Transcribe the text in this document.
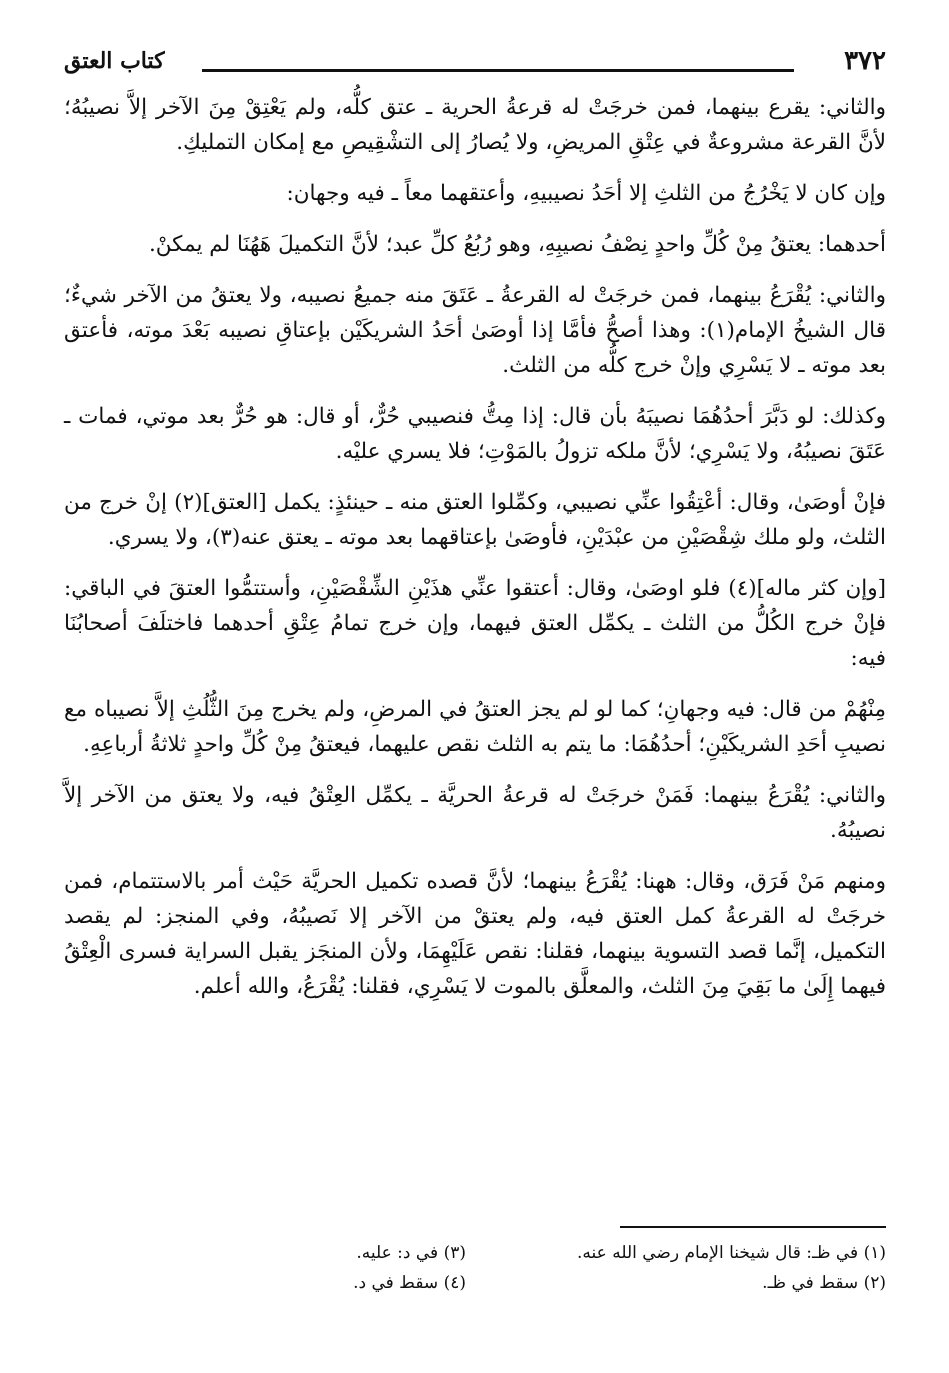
٣٧٢
كتاب العتق

والثاني: يقرع بينهما، فمن خرجَتْ له قرعةُ الحرية ـ عتق كلُّه، ولم يَعْتِقْ مِنَ الآخر إلاَّ نصيبُهُ؛ لأنَّ القرعة مشروعةٌ في عِتْقِ المريضِ، ولا يُصارُ إلى التشْقِيصِ مع إمكان التمليكِ.

وإن كان لا يَخْرُجُ من الثلثِ إلا أحَدُ نصيبيهِ، وأعتقهما معاً ـ فيه وجهان:

أحدهما: يعتقُ مِنْ كُلِّ واحدٍ نِصْفُ نصيبِهِ، وهو رُبُعُ كلِّ عبد؛ لأنَّ التكميلَ هَهُنَا لم يمكنْ.

والثاني: يُقْرَعُ بينهما، فمن خرجَتْ له القرعةُ ـ عَتَقَ منه جميعُ نصيبه، ولا يعتقُ من الآخر شيءٌ؛ قال الشيخُ الإمام(١): وهذا أصحُّ فأمَّا إذا أوصَىٰ أحَدُ الشريكَيْن بإعتاقِ نصيبه بَعْدَ موته، فأعتق بعد موته ـ لا يَسْرِي وإنْ خرج كلُّه من الثلث.

وكذلك: لو دَبَّرَ أحدُهُمَا نصيبَهُ بأن قال: إذا مِتُّ فنصيبي حُرٌّ، أو قال: هو حُرٌّ بعد موتي، فمات ـ عَتَقَ نصيبُهُ، ولا يَسْرِي؛ لأنَّ ملكه تزولُ بالمَوْتِ؛ فلا يسري عليْه.

فإنْ أوصَىٰ، وقال: أعْتِقُوا عنِّي نصيبي، وكمِّلوا العتق منه ـ حينئذٍ: يكمل [العتق](٢) إنْ خرج من الثلث، ولو ملك شِقْصَيْنِ من عبْدَيْنِ، فأوصَىٰ بإعتاقهما بعد موته ـ يعتق عنه(٣)، ولا يسري.

[وإن كثر ماله](٤) فلو اوصَىٰ، وقال: أعتقوا عنِّي هذَيْنِ الشِّقْصَيْنِ، وأستتمُّوا العتقَ في الباقي: فإنْ خرج الكُلُّ من الثلث ـ يكمِّل العتق فيهما، وإن خرج تمامُ عِتْقِ أحدهما فاختلَفَ أصحابُنَا فيه:

مِنْهُمْ من قال: فيه وجهانِ؛ كما لو لم يجز العتقُ في المرضِ، ولم يخرج مِنَ الثُّلُثِ إلاَّ نصيباه مع نصيبِ أحَدِ الشريكَيْنِ؛ أحدُهُمَا: ما يتم به الثلث نقص عليهما، فيعتقُ مِنْ كُلِّ واحدٍ ثلاثةُ أرباعِهِ.

والثاني: يُقْرَعُ بينهما: فَمَنْ خرجَتْ له قرعةُ الحريَّة ـ يكمِّل العِتْقُ فيه، ولا يعتق من الآخر إلاَّ نصيبُهُ.

ومنهم مَنْ فَرَق، وقال: ههنا: يُقْرَعُ بينهما؛ لأنَّ قصده تكميل الحريَّة حَيْث أمر بالاستتمام، فمن خرجَتْ له القرعةُ كمل العتق فيه، ولم يعتقْ من الآخر إلا نَصيبُهُ، وفي المنجز: لم يقصد التكميل، إنَّما قصد التسوية بينهما، فقلنا: نقص عَلَيْهِمَا، ولأن المنجَز يقبل السراية فسرى الْعِتْقُ فيهما إِلَىٰ ما بَقِيَ مِنَ الثلث، والمعلَّق بالموت لا يَسْرِي، فقلنا: يُقْرَعُ، والله أعلم.

(١) في ظـ: قال شيخنا الإمام رضي الله عنه.
(٢) سقط في ظـ.
(٣) في د: عليه.
(٤) سقط في د.
